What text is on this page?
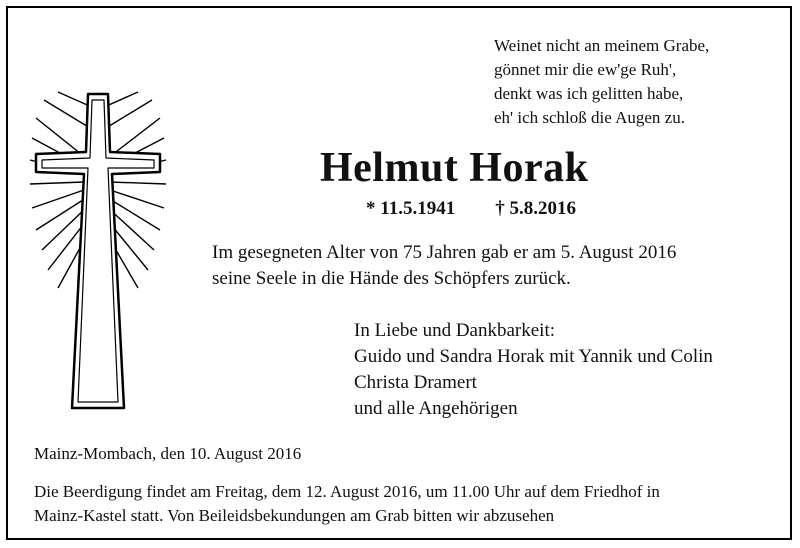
Weinet nicht an meinem Grabe,
gönnet mir die ew'ge Ruh',
denkt was ich gelitten habe,
eh' ich schloß die Augen zu.
Helmut Horak
* 11.5.1941 † 5.8.2016
Im gesegneten Alter von 75 Jahren gab er am 5. August 2016
seine Seele in die Hände des Schöpfers zurück.
In Liebe und Dankbarkeit:
Guido und Sandra Horak mit Yannik und Colin
Christa Dramert
und alle Angehörigen
Mainz-Mombach, den 10. August 2016
Die Beerdigung findet am Freitag, dem 12. August 2016, um 11.00 Uhr auf dem Friedhof in
Mainz-Kastel statt. Von Beileidsbekundungen am Grab bitten wir abzusehen
